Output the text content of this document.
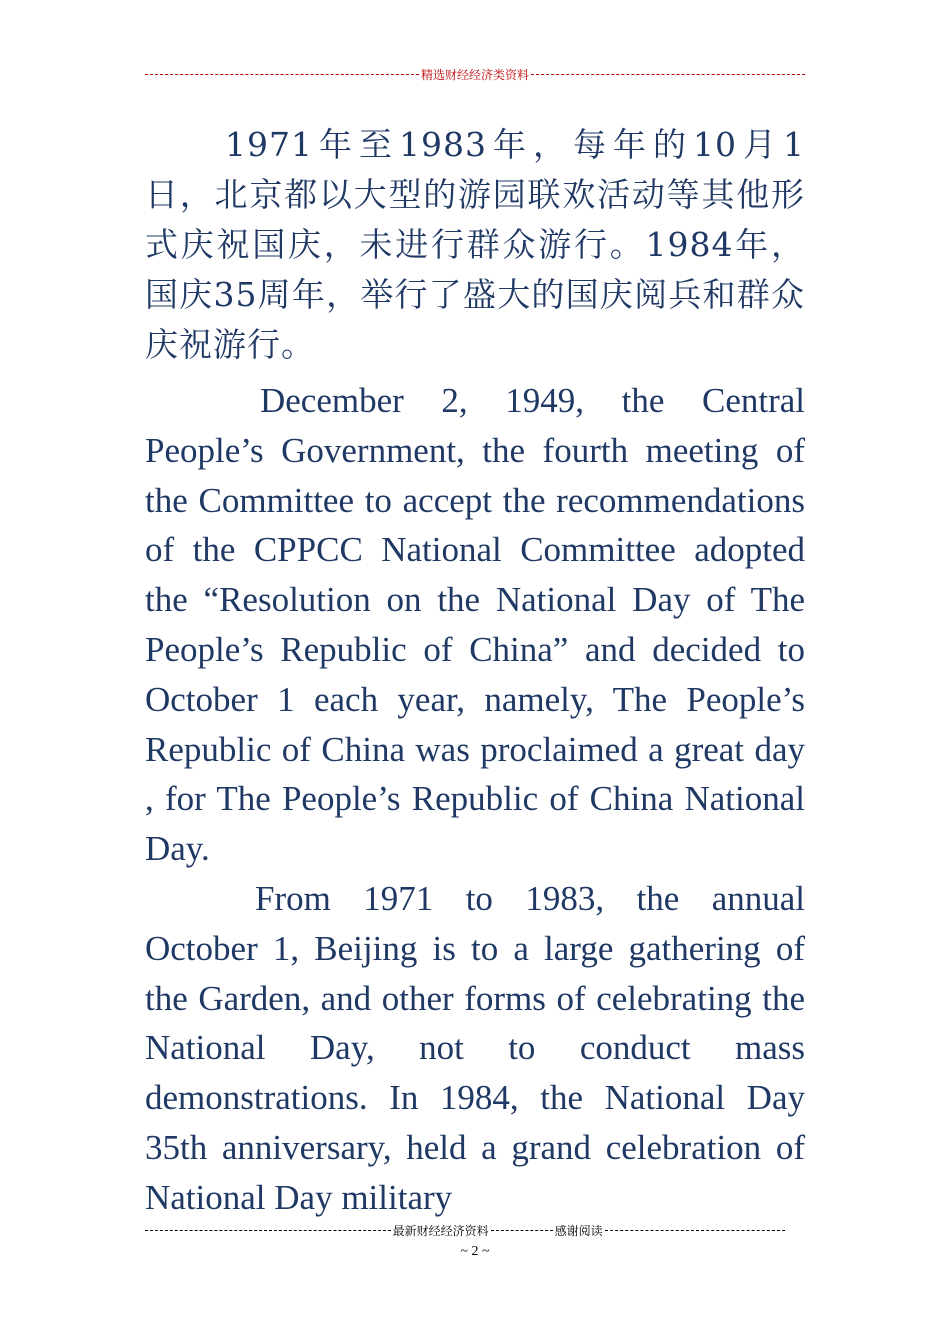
精选财经经济类资料

1971年至1983年，每年的10月1日，北京都以大型的游园联欢活动等其他形式庆祝国庆，未进行群众游行。1984年，国庆35周年，举行了盛大的国庆阅兵和群众庆祝游行。

December 2, 1949, the Central People’s Government, the fourth meeting of the Committee to accept the recommendations of the CPPCC National Committee adopted the “Resolution on the National Day of The People’s Republic of China” and decided to October 1 each year, namely, The People’s Republic of China was proclaimed a great day , for The People’s Republic of China National Day.

From 1971 to 1983, the annual October 1, Beijing is to a large gathering of the Garden, and other forms of celebrating the National Day, not to conduct mass demonstrations. In 1984, the National Day 35th anniversary, held a grand celebration of National Day military

最新财经经济资料	感谢阅读
~ 2 ~
